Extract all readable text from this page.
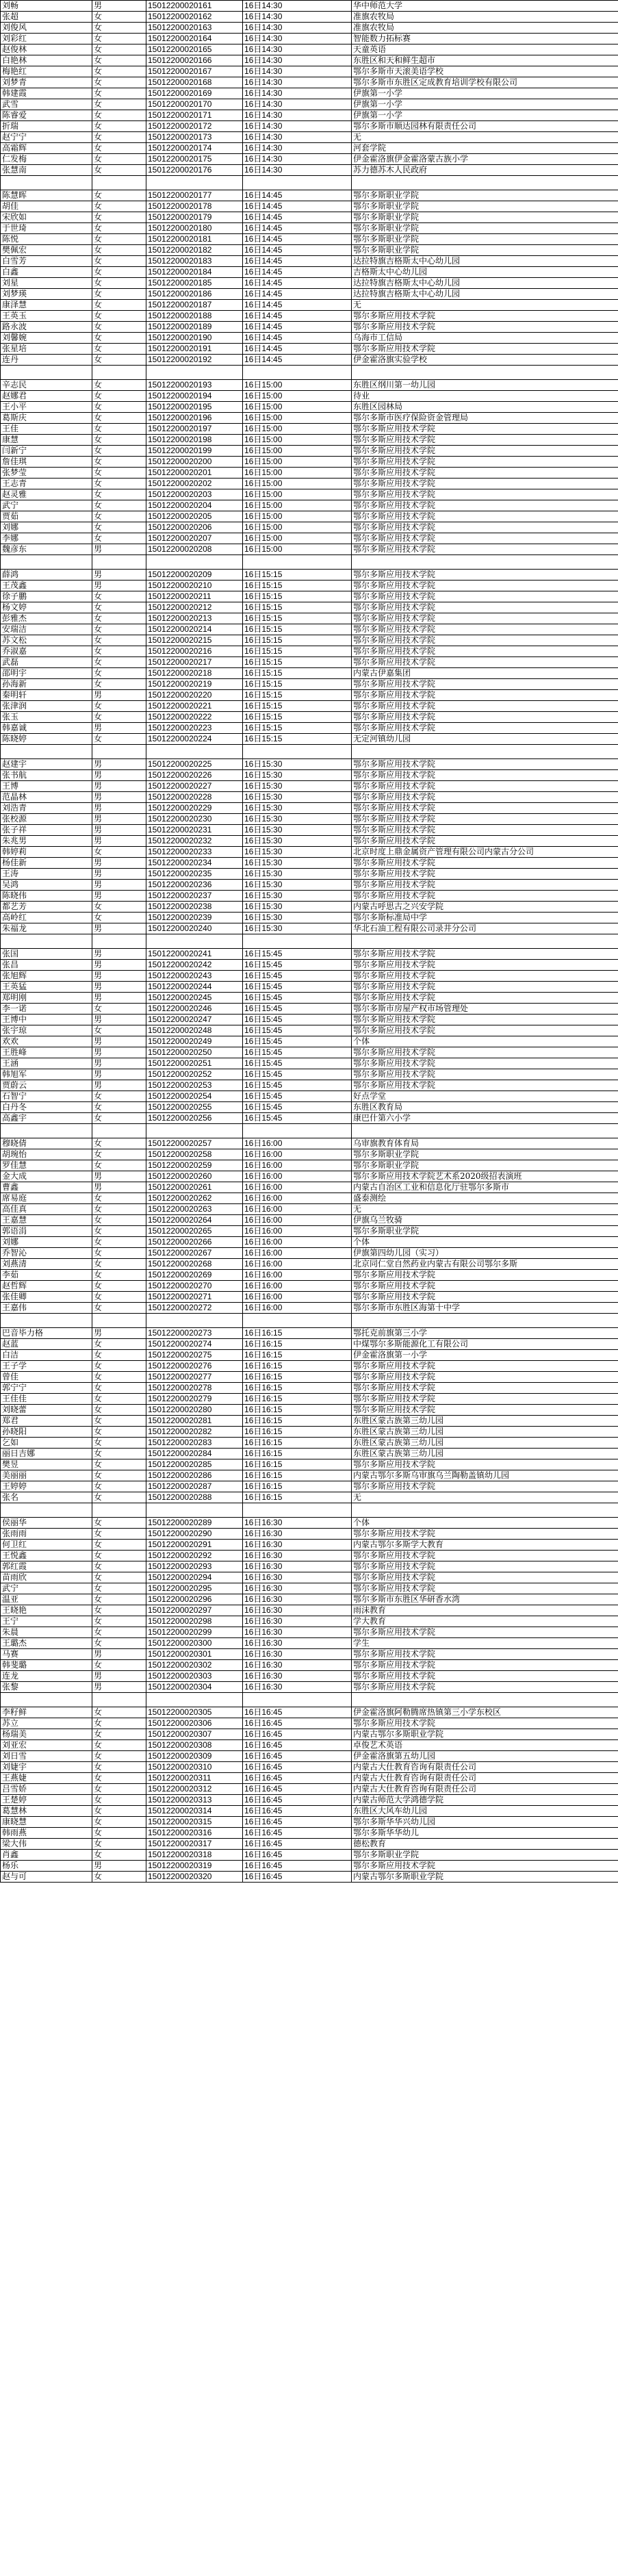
刘畅	男	15012200020161	16日14:30	华中师范大学
张超	女	15012200020162	16日14:30	准旗农牧局
刘俊风	女	15012200020163	16日14:30	准旗农牧局
刘彩红	女	15012200020164	16日14:30	智能数力拓标赛
赵俊林	女	15012200020165	16日14:30	天童英语
白艳林	女	15012200020166	16日14:30	东胜区和天和鲜生超市
梅艳红	女	15012200020167	16日14:30	鄂尔多斯市天滚美语学校
刘梦青	女	15012200020168	16日14:30	鄂尔多斯市东胜区定成教育培训学校有限公司
韩建霞	女	15012200020169	16日14:30	伊旗第一小学
武雪	女	15012200020170	16日14:30	伊旗第一小学
陈睿爱	女	15012200020171	16日14:30	伊旗第一小学
折瑞	女	15012200020172	16日14:30	鄂尔多斯市顺达园林有限责任公司
赵宁宁	女	15012200020173	16日14:30	无
高霜辉	女	15012200020174	16日14:30	河套学院
仁发梅	女	15012200020175	16日14:30	伊金霍洛旗伊金霍洛蒙古族小学
张慧南	女	15012200020176	16日14:30	苏力德苏木人民政府

陈慧晖	女	15012200020177	16日14:45	鄂尔多斯职业学院
胡佳	女	15012200020178	16日14:45	鄂尔多斯职业学院
宋欣如	女	15012200020179	16日14:45	鄂尔多斯职业学院
于世琦	女	15012200020180	16日14:45	鄂尔多斯职业学院
陈悦	女	15012200020181	16日14:45	鄂尔多斯职业学院
樊佩宏	女	15012200020182	16日14:45	鄂尔多斯职业学院
白雪芳	女	15012200020183	16日14:45	达拉特旗吉格斯太中心幼儿园
白鑫	女	15012200020184	16日14:45	吉格斯太中心幼儿园
刘星	女	15012200020185	16日14:45	达拉特旗吉格斯太中心幼儿园
刘梦瑛	女	15012200020186	16日14:45	达拉特旗吉格斯太中心幼儿园
康泽慧	女	15012200020187	16日14:45	无
王英玉	女	15012200020188	16日14:45	鄂尔多斯应用技术学院
路永波	女	15012200020189	16日14:45	鄂尔多斯应用技术学院
刘馨婉	女	15012200020190	16日14:45	乌海市工信局
张星培	女	15012200020191	16日14:45	鄂尔多斯应用技术学院
连丹	女	15012200020192	16日14:45	伊金霍洛旗实验学校

辛志民	女	15012200020193	16日15:00	东胜区纲川第一幼儿园
赵娜君	女	15012200020194	16日15:00	待业
王小平	女	15012200020195	16日15:00	东胜区园林局
葛斯庆	女	15012200020196	16日15:00	鄂尔多斯市医疗保险资金管理局
王佳	女	15012200020197	16日15:00	鄂尔多斯应用技术学院
康慧	女	15012200020198	16日15:00	鄂尔多斯应用技术学院
闫新宁	女	15012200020199	16日15:00	鄂尔多斯应用技术学院
詹佳琪	女	15012200020200	16日15:00	鄂尔多斯应用技术学院
张梦莹	女	15012200020201	16日15:00	鄂尔多斯应用技术学院
王志青	女	15012200020202	16日15:00	鄂尔多斯应用技术学院
赵灵雅	女	15012200020203	16日15:00	鄂尔多斯应用技术学院
武宁	女	15012200020204	16日15:00	鄂尔多斯应用技术学院
贾茹	女	15012200020205	16日15:00	鄂尔多斯应用技术学院
刘娜	女	15012200020206	16日15:00	鄂尔多斯应用技术学院
李娜	女	15012200020207	16日15:00	鄂尔多斯应用技术学院
魏彦东	男	15012200020208	16日15:00	鄂尔多斯应用技术学院

薛鸿	男	15012200020209	16日15:15	鄂尔多斯应用技术学院
王茂鑫	男	15012200020210	16日15:15	鄂尔多斯应用技术学院
徐子鹏	女	15012200020211	16日15:15	鄂尔多斯应用技术学院
杨文婷	女	15012200020212	16日15:15	鄂尔多斯应用技术学院
彭雅杰	女	15012200020213	16日15:15	鄂尔多斯应用技术学院
安瑞洁	女	15012200020214	16日15:15	鄂尔多斯应用技术学院
苏文松	女	15012200020215	16日15:15	鄂尔多斯应用技术学院
乔淑嘉	女	15012200020216	16日15:15	鄂尔多斯应用技术学院
武磊	女	15012200020217	16日15:15	鄂尔多斯应用技术学院
邵明宇	女	15012200020218	16日15:15	内蒙古伊嘉集团
孙海新	女	15012200020219	16日15:15	鄂尔多斯应用技术学院
秦明轩	男	15012200020220	16日15:15	鄂尔多斯应用技术学院
张津润	女	15012200020221	16日15:15	鄂尔多斯应用技术学院
张玉	女	15012200020222	16日15:15	鄂尔多斯应用技术学院
韩嘉诚	男	15012200020223	16日15:15	鄂尔多斯应用技术学院
陈晓婷	女	15012200020224	16日15:15	无定河镇幼儿园

赵建宇	男	15012200020225	16日15:30	鄂尔多斯应用技术学院
张书航	男	15012200020226	16日15:30	鄂尔多斯应用技术学院
王博	男	15012200020227	16日15:30	鄂尔多斯应用技术学院
范晶林	男	15012200020228	16日15:30	鄂尔多斯应用技术学院
刘浩青	男	15012200020229	16日15:30	鄂尔多斯应用技术学院
张校源	男	15012200020230	16日15:30	鄂尔多斯应用技术学院
张子祥	男	15012200020231	16日15:30	鄂尔多斯应用技术学院
朱兆男	男	15012200020232	16日15:30	鄂尔多斯应用技术学院
韩婷莉	女	15012200020233	16日15:30	北京时度上鼎金属资产管理有限公司内蒙古分公司
杨佳新	男	15012200020234	16日15:30	鄂尔多斯应用技术学院
王涛	男	15012200020235	16日15:30	鄂尔多斯应用技术学院
吴鸿	男	15012200020236	16日15:30	鄂尔多斯应用技术学院
陈晓伟	男	15012200020237	16日15:30	鄂尔多斯应用技术学院
都艺芳	女	15012200020238	16日15:30	内蒙古呼思古之兴安学院
高岭红	女	15012200020239	16日15:30	鄂尔多斯标准局中学
朱福龙	男	15012200020240	16日15:30	华北石油工程有限公司录井分公司

张国	男	15012200020241	16日15:45	鄂尔多斯应用技术学院
张昌	男	15012200020242	16日15:45	鄂尔多斯应用技术学院
张旭辉	男	15012200020243	16日15:45	鄂尔多斯应用技术学院
王英猛	男	15012200020244	16日15:45	鄂尔多斯应用技术学院
郑明刚	男	15012200020245	16日15:45	鄂尔多斯应用技术学院
李一诺	女	15012200020246	16日15:45	鄂尔多斯市房屋产权市场管理处
王博中	男	15012200020247	16日15:45	鄂尔多斯应用技术学院
张宇琼	女	15012200020248	16日15:45	鄂尔多斯应用技术学院
欢欢	男	15012200020249	16日15:45	个体
王胜峰	男	15012200020250	16日15:45	鄂尔多斯应用技术学院
王涵	男	15012200020251	16日15:45	鄂尔多斯应用技术学院
韩旭军	男	15012200020252	16日15:45	鄂尔多斯应用技术学院
贾蔚云	男	15012200020253	16日15:45	鄂尔多斯应用技术学院
石智宁	女	15012200020254	16日15:45	好点学堂
白丹冬	女	15012200020255	16日15:45	东胜区教育局
高鑫宇	女	15012200020256	16日15:45	康巴什第六小学

穆晓倩	女	15012200020257	16日16:00	乌审旗教育体育局
胡琬怡	女	15012200020258	16日16:00	鄂尔多斯职业学院
罗佳慧	女	15012200020259	16日16:00	鄂尔多斯职业学院
金大成	男	15012200020260	16日16:00	鄂尔多斯应用技术学院艺术系2020级招表演班
曹鑫	男	15012200020261	16日16:00	内蒙古自治区工业和信息化厅驻鄂尔多斯市
席易庭	女	15012200020262	16日16:00	盛泰测绘
高佳真	女	15012200020263	16日16:00	无
王嘉慧	女	15012200020264	16日16:00	伊旗乌兰牧骑
郭语涓	女	15012200020265	16日16:00	鄂尔多斯职业学院
刘娜	女	15012200020266	16日16:00	个体
乔智沁	女	15012200020267	16日16:00	伊旗第四幼儿园（实习）
刘燕清	女	15012200020268	16日16:00	北京同仁堂自然药业内蒙古有限公司鄂尔多斯
李茹	女	15012200020269	16日16:00	鄂尔多斯应用技术学院
赵哲辉	女	15012200020270	16日16:00	鄂尔多斯应用技术学院
张佳卿	女	15012200020271	16日16:00	鄂尔多斯应用技术学院
王嘉伟	女	15012200020272	16日16:00	鄂尔多斯市东胜区海第十中学

巴音毕力格	男	15012200020273	16日16:15	鄂托克前旗第三小学
赵蓝	女	15012200020274	16日16:15	中煤鄂尔多斯能源化工有限公司
白洁	女	15012200020275	16日16:15	伊金霍洛旗第一小学
王子学	女	15012200020276	16日16:15	鄂尔多斯应用技术学院
曾佳	女	15012200020277	16日16:15	鄂尔多斯应用技术学院
郭宁宁	女	15012200020278	16日16:15	鄂尔多斯应用技术学院
王佳佳	女	15012200020279	16日16:15	鄂尔多斯应用技术学院
刘晓蕾	女	15012200020280	16日16:15	鄂尔多斯应用技术学院
郑君	女	15012200020281	16日16:15	东胜区蒙古族第三幼儿园
孙晓阳	女	15012200020282	16日16:15	东胜区蒙古族第三幼儿园
乞如	女	15012200020283	16日16:15	东胜区蒙古族第三幼儿园
丽日吉娜	女	15012200020284	16日16:15	东胜区蒙古族第三幼儿园
樊昱	女	15012200020285	16日16:15	鄂尔多斯应用技术学院
美丽丽	女	15012200020286	16日16:15	内蒙古鄂尔多斯乌审旗乌兰陶勒盖镇幼儿园
王婷婷	女	15012200020287	16日16:15	鄂尔多斯应用技术学院
张名	女	15012200020288	16日16:15	无

侯丽华	女	15012200020289	16日16:30	个体
张雨雨	女	15012200020290	16日16:30	鄂尔多斯应用技术学院
何卫红	女	15012200020291	16日16:30	内蒙古鄂尔多斯学大教育
王悦鑫	女	15012200020292	16日16:30	鄂尔多斯应用技术学院
郭红霞	女	15012200020293	16日16:30	鄂尔多斯应用技术学院
苗雨欣	女	15012200020294	16日16:30	鄂尔多斯应用技术学院
武宁	女	15012200020295	16日16:30	鄂尔多斯应用技术学院
温亚	女	15012200020296	16日16:30	鄂尔多斯市东胜区华研香水湾
王晓艳	女	15012200020297	16日16:30	雨沫教育
王宁	女	15012200020298	16日16:30	学大教育
朱晨	女	15012200020299	16日16:30	鄂尔多斯应用技术学院
王璐杰	女	15012200020300	16日16:30	学生
马赛	男	15012200020301	16日16:30	鄂尔多斯应用技术学院
韩斐璐	女	15012200020302	16日16:30	鄂尔多斯应用技术学院
连龙	男	15012200020303	16日16:30	鄂尔多斯应用技术学院
张黎	男	15012200020304	16日16:30	鄂尔多斯应用技术学院

李籽鲜	女	15012200020305	16日16:45	伊金霍洛旗阿勒腾席热镇第三小学东校区
苏立	女	15012200020306	16日16:45	鄂尔多斯应用技术学院
杨瑞美	女	15012200020307	16日16:45	内蒙古鄂尔多斯职业学院
刘亚宏	女	15012200020308	16日16:45	卓俊艺术英语
刘日雪	女	15012200020309	16日16:45	伊金霍洛旗第五幼儿园
刘婕宇	女	15012200020310	16日16:45	内蒙古大仕教育咨询有限责任公司
王燕婕	女	15012200020311	16日16:45	内蒙古大仕教育咨询有限责任公司
吕雪娇	女	15012200020312	16日16:45	内蒙古大仕教育咨询有限责任公司
王楚婷	女	15012200020313	16日16:45	内蒙古师范大学鸿德学院
葛慧林	女	15012200020314	16日16:45	东胜区大风车幼儿园
康晓慧	女	15012200020315	16日16:45	鄂尔多斯华华兴幼儿园
韩雨燕	女	15012200020316	16日16:45	鄂尔多斯华华幼儿
梁大伟	女	15012200020317	16日16:45	德松教育
肖鑫	女	15012200020318	16日16:45	鄂尔多斯职业学院
杨乐	男	15012200020319	16日16:45	鄂尔多斯应用技术学院
赵与可	女	15012200020320	16日16:45	内蒙古鄂尔多斯职业学院
